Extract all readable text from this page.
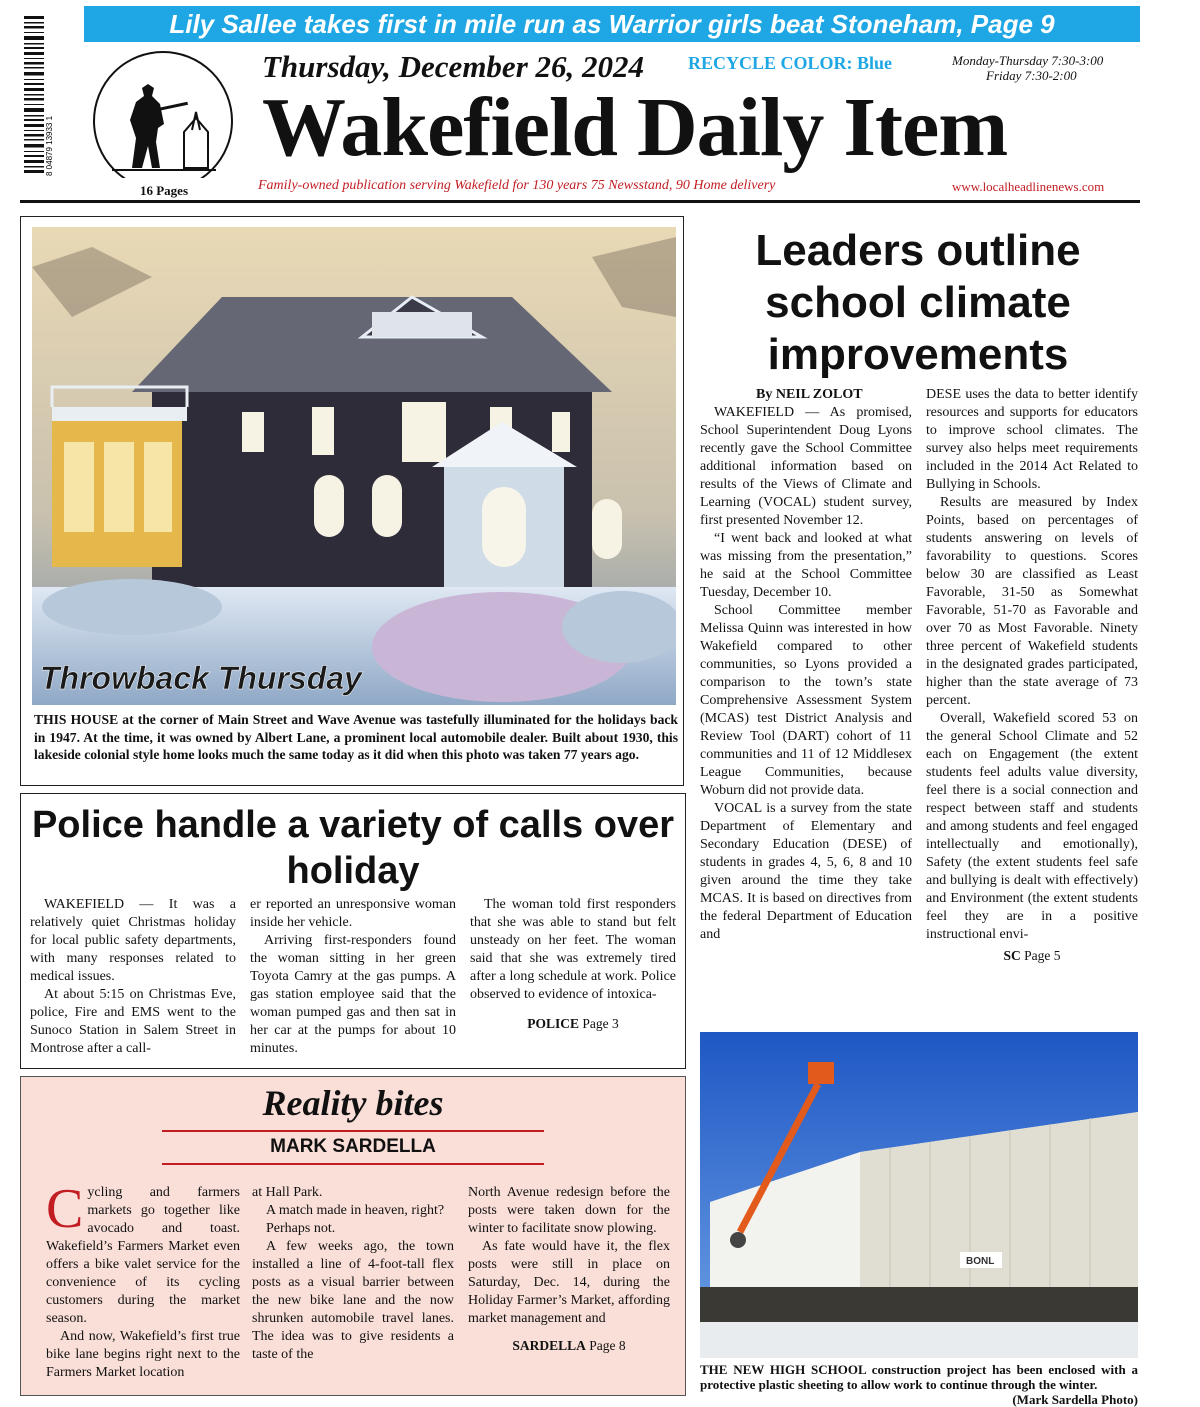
Lily Sallee takes first in mile run as Warrior girls beat Stoneham, Page 9
8 04879 13933 1
16 Pages
Thursday, December 26, 2024 RECYCLE COLOR: Blue	Monday-Thursday 7:30-3:00
Friday 7:30-2:00
Wakefield Daily Item
Family-owned publication serving Wakefield for 130 years 75 Newsstand, 90 Home delivery	www.localheadlinenews.com
Throwback Thursday
THIS HOUSE at the corner of Main Street and Wave Avenue was tastefully illuminated for the holidays back in 1947. At the time, it was owned by Albert Lane, a prominent local automobile dealer. Built about 1930, this lakeside colonial style home looks much the same today as it did when this photo was taken 77 years ago.
Leaders outline school climate improvements

By NEIL ZOLOT

WAKEFIELD — As promised, School Superintendent Doug Lyons recently gave the School Committee additional information based on results of the Views of Climate and Learning (VOCAL) student survey, first presented November 12.

“I went back and looked at what was missing from the presentation,” he said at the School Committee Tuesday, December 10.

School Committee member Melissa Quinn was interested in how Wakefield compared to other communities, so Lyons provided a comparison to the town’s state Comprehensive Assessment System (MCAS) test District Analysis and Review Tool (DART) cohort of 11 communities and 11 of 12 Middlesex League Communities, because Woburn did not provide data.

VOCAL is a survey from the state Department of Elementary and Secondary Education (DESE) of students in grades 4, 5, 6, 8 and 10 given around the time they take MCAS. It is based on directives from the federal Department of Education and

DESE uses the data to better identify resources and supports for educators to improve school climates. The survey also helps meet requirements included in the 2014 Act Related to Bullying in Schools.

Results are measured by Index Points, based on percentages of students answering on levels of favorability to questions. Scores below 30 are classified as Least Favorable, 31-50 as Somewhat Favorable, 51-70 as Favorable and over 70 as Most Favorable. Ninety three percent of Wakefield students in the designated grades participated, higher than the state average of 73 percent.

Overall, Wakefield scored 53 on the general School Climate and 52 each on Engagement (the extent students feel adults value diversity, feel there is a social connection and respect between staff and students and among students and feel engaged intellectually and emotionally), Safety (the extent students feel safe and bullying is dealt with effectively) and Environment (the extent students feel they are in a positive instructional envi-

SC Page 5
Police handle a variety of calls over holiday

WAKEFIELD — It was a relatively quiet Christmas holiday for local public safety departments, with many responses related to medical issues.

At about 5:15 on Christmas Eve, police, Fire and EMS went to the Sunoco Station in Salem Street in Montrose after a call-

er reported an unresponsive woman inside her vehicle.

Arriving first-responders found the woman sitting in her green Toyota Camry at the gas pumps. A gas station employee said that the woman pumped gas and then sat in her car at the pumps for about 10 minutes.

The woman told first responders that she was able to stand but felt unsteady on her feet. The woman said that she was extremely tired after a long schedule at work. Police observed to evidence of intoxica-

POLICE Page 3
Reality bites
MARK SARDELLA
C ycling and farmers markets go together like avocado and toast. Wakefield’s Farmers Market even offers a bike valet service for the convenience of its cycling customers during the market season.

And now, Wakefield’s first true bike lane begins right next to the Farmers Market location

at Hall Park.

A match made in heaven, right?

Perhaps not.

A few weeks ago, the town installed a line of 4-foot-tall flex posts as a visual barrier between the new bike lane and the now shrunken automobile travel lanes. The idea was to give residents a taste of the

North Avenue redesign before the posts were taken down for the winter to facilitate snow plowing.

As fate would have it, the flex posts were still in place on Saturday, Dec. 14, during the Holiday Farmer’s Market, affording market management and

SARDELLA Page 8
BONL
THE NEW HIGH SCHOOL construction project has been enclosed with a protective plastic sheeting to allow work to continue through the winter.
(Mark Sardella Photo)
